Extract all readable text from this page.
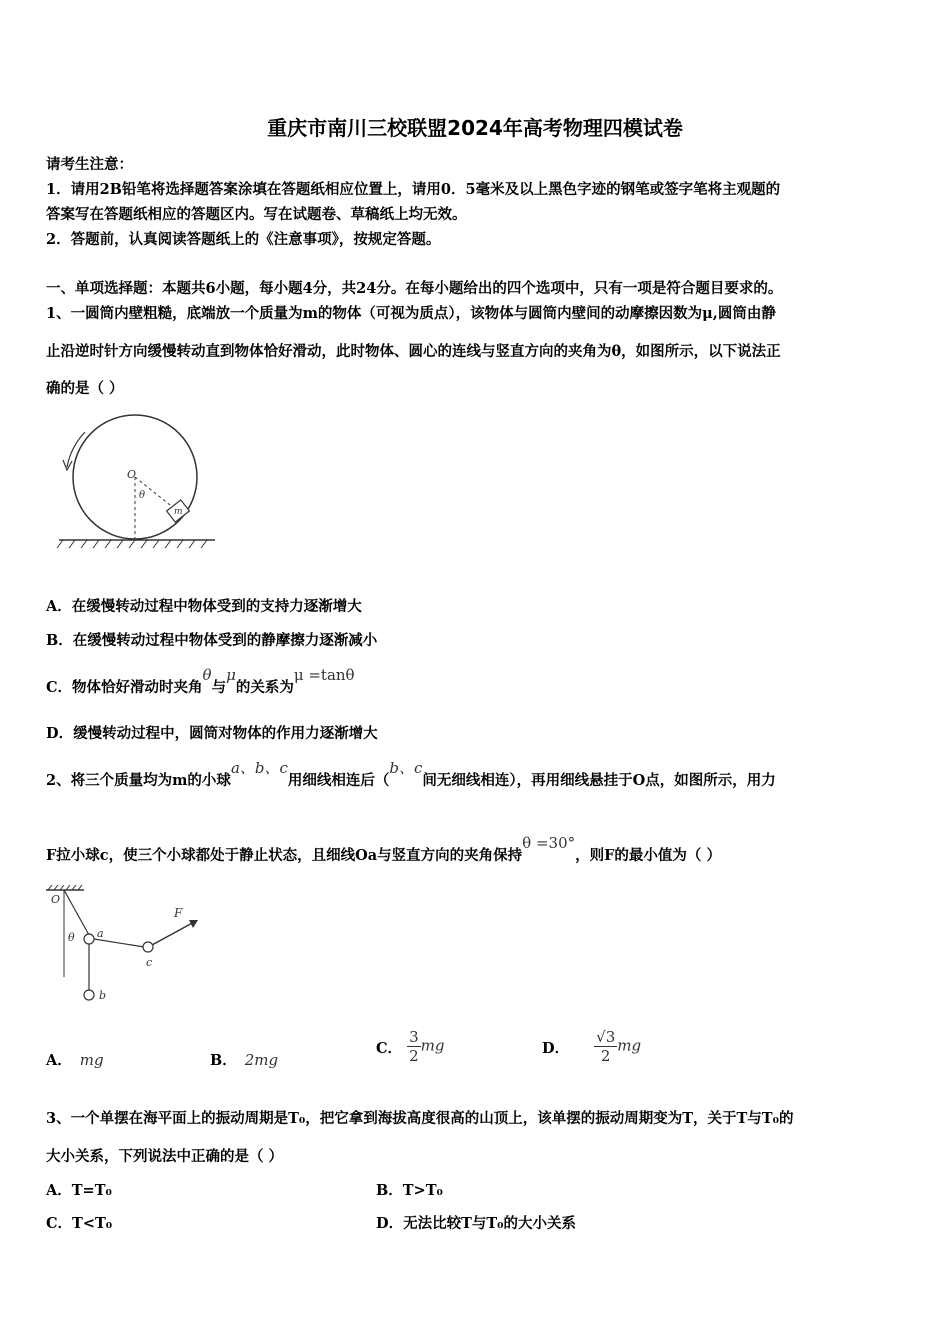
重庆市南川三校联盟2024年高考物理四模试卷
请考生注意：
1．请用2B铅笔将选择题答案涂填在答题纸相应位置上，请用0．5毫米及以上黑色字迹的钢笔或签字笔将主观题的
答案写在答题纸相应的答题区内。写在试题卷、草稿纸上均无效。
2．答题前，认真阅读答题纸上的《注意事项》，按规定答题。
一、单项选择题：本题共6小题，每小题4分，共24分。在每小题给出的四个选项中，只有一项是符合题目要求的。
1、一圆筒内壁粗糙，底端放一个质量为m的物体（可视为质点），该物体与圆筒内壁间的动摩擦因数为μ,圆筒由静
止沿逆时针方向缓慢转动直到物体恰好滑动，此时物体、圆心的连线与竖直方向的夹角为θ，如图所示，以下说法正
确的是（ ）
O
θ
m
A．在缓慢转动过程中物体受到的支持力逐渐增大
B．在缓慢转动过程中物体受到的静摩擦力逐渐减小
C．物体恰好滑动时夹角θ与μ的关系为μ =tanθ
D．缓慢转动过程中，圆筒对物体的作用力逐渐增大
2、将三个质量均为m的小球a、b、c用细线相连后（b、c间无细线相连），再用细线悬挂于O点，如图所示，用力
F拉小球c，使三个小球都处于静止状态，且细线Oa与竖直方向的夹角保持θ =30°，则F的最小值为（ ）
O
θ a
b
c
F
A． mg	B． 2mg
C． $\frac{3}{2}$ mg	D． $\frac{√3}{2}$ mg
3、一个单摆在海平面上的振动周期是T₀，把它拿到海拔高度很高的山顶上，该单摆的振动周期变为T，关于T与T₀的
大小关系，下列说法中正确的是（ ）
A．T=T₀	B．T>T₀
C．T<T₀	D．无法比较T与T₀的大小关系
